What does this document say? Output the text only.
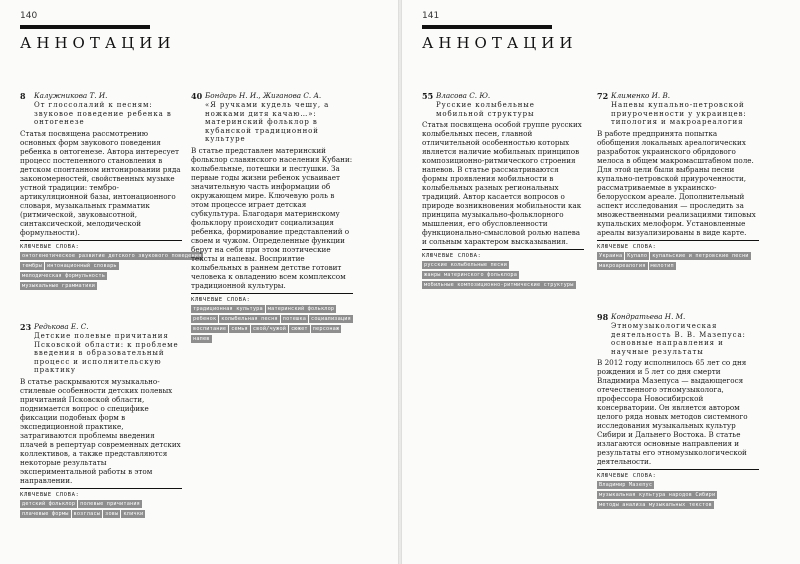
140
АННОТАЦИИ
8 Калужникова Т. И.
От глоссолалий к песням: звуковое поведение ребенка в онтогенезе
Статья посвящена рассмотрению основных форм звукового поведения ребенка в онтогенезе. Автора интересует процесс постепенного становления в детском спонтанном интонировании ряда закономерностей, свойственных музыке устной традиции: тембро-артикуляционной базы, интонационного словаря, музыкальных грамматик (ритмической, звуковысотной, синтаксической, мелодической формульности).
КЛЮЧЕВЫЕ СЛОВА:
онтогенетическое развитие детского звукового поведениятембры интонационный словарьмелодическая формульностьмузыкальные грамматики
23 Редькова Е. С.
Детские полевые причитания Псковской области: к проблеме введения в образовательный процесс и исполнительскую практику
В статье раскрываются музыкально-стилевые особенности детских полевых причитаний Псковской области, поднимается вопрос о специфике фиксации подобных форм в экспедиционной практике, затрагиваются проблемы введения плачей в репертуар современных детских коллективов, а также представляются некоторые результаты экспериментальной работы в этом направлении.
КЛЮЧЕВЫЕ СЛОВА:
детский фольклор полевые причитанияплачевые формы возгласы зовы клички
40 Бондарь Н. И., Жиганова С. А.
«Я ручками кудель чешу, а ножками дитя качаю…»: материнский фольклор в кубанской традиционной культуре
В статье представлен материнский фольклор славянского населения Кубани: колыбельные, потешки и пестушки. За первые годы жизни ребенок усваивает значительную часть информации об окружающем мире. Ключевую роль в этом процессе играет детская субкультура. Благодаря материнскому фольклору происходит социализация ребенка, формирование представлений о своем и чужом. Определенные функции берут на себя при этом поэтические тексты и напевы. Восприятие колыбельных в раннем детстве готовит человека к овладению всем комплексом традиционной культуры.
КЛЮЧЕВЫЕ СЛОВА:
традиционная культура материнский фольклорребенок колыбельная песня потешка социализациявоспитание семья свой/чужой сюжет персонажнапев
141
АННОТАЦИИ
55 Власова С. Ю.
Русские колыбельные мобильной структуры
Статья посвящена особой группе русских колыбельных песен, главной отличительной особенностью которых является наличие мобильных принципов композиционно-ритмического строения напевов. В статье рассматриваются формы проявления мобильности в колыбельных разных региональных традиций. Автор касается вопросов о природе возникновения мобильности как принципа музыкально-фольклорного мышления, его обусловленности функционально-смысловой ролью напева и сольным характером высказывания.
КЛЮЧЕВЫЕ СЛОВА:
русские колыбельные песнижанры материнского фольклорамобильные композиционно-ритмические структуры
72 Клименко И. В.
Напевы купально-петровской приуроченности у украинцев: типология и макроареалогия
В работе предпринята попытка обобщения локальных ареалогических разработок украинского обрядового мелоса в общем макромасштабном поле. Для этой цели были выбраны песни купально-петровской приуроченности, рассматриваемые в украинско-белорусском ареале. Дополнительный аспект исследования — проследить за множественными реализациями типовых купальских мелоформ. Установленные ареалы визуализированы в виде карте.
КЛЮЧЕВЫЕ СЛОВА:
Украина Купало купальские и петровские песнимакроареалогия мелотип
98 Кондратьева Н. М.
Этномузыкологическая деятельность В. В. Мазепуса: основные направления и научные результаты
В 2012 году исполнилось 65 лет со дня рождения и 5 лет со дня смерти Владимира Мазепуса — выдающегося отечественного этномузыколога, профессора Новосибирской консерватории. Он является автором целого ряда новых методов системного исследования музыкальных культур Сибири и Дальнего Востока. В статье излагаются основные направления и результаты его этномузыкологической деятельности.
КЛЮЧЕВЫЕ СЛОВА:
Владимир Мазепусмузыкальная культура народов Сибириметоды анализа музыкальных текстов
